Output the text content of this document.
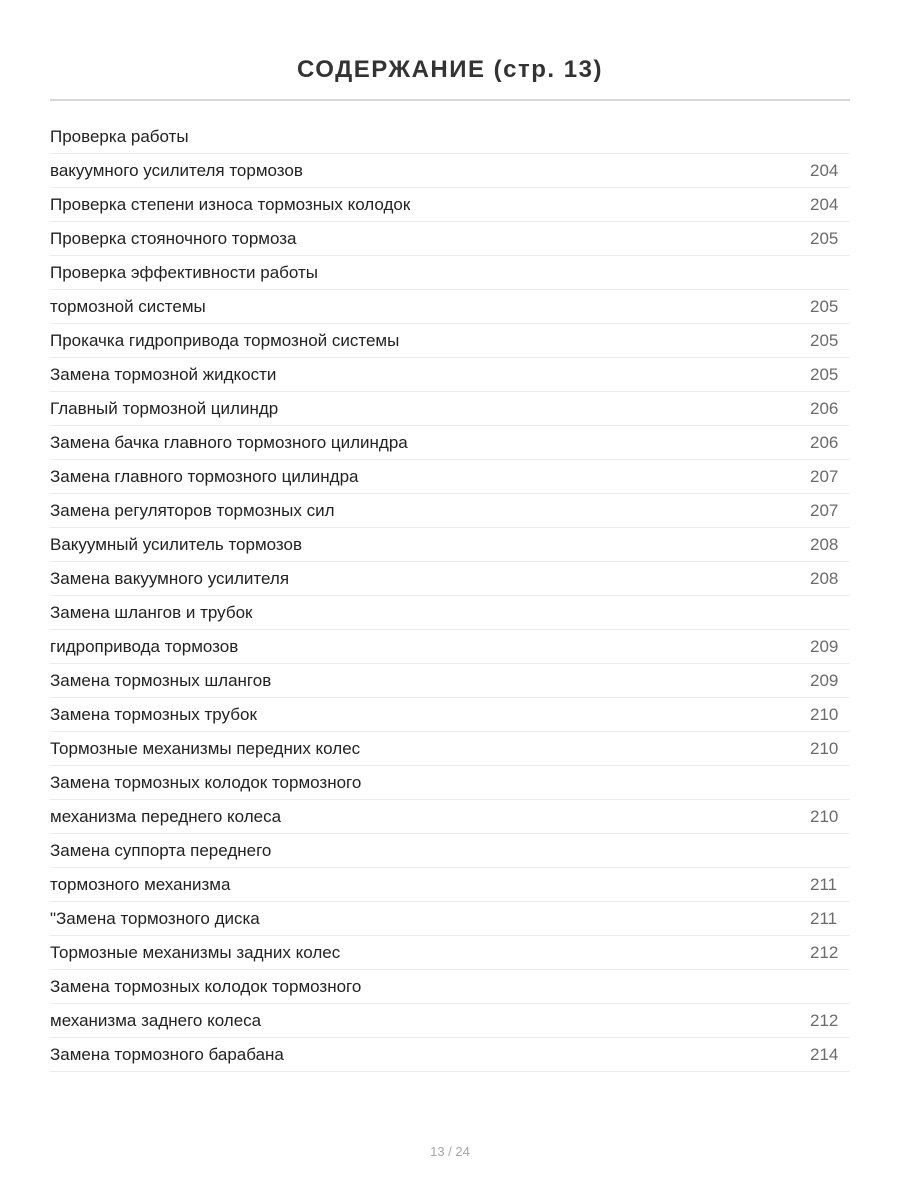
СОДЕРЖАНИЕ (стр. 13)
Проверка работы
вакуумного усилителя тормозов	204
Проверка степени износа тормозных колодок	204
Проверка стояночного тормоза	205
Проверка эффективности работы
тормозной системы	205
Прокачка гидропривода тормозной системы	205
Замена тормозной жидкости	205
Главный тормозной цилиндр	206
Замена бачка главного тормозного цилиндра	206
Замена главного тормозного цилиндра	207
Замена регуляторов тормозных сил	207
Вакуумный усилитель тормозов	208
Замена вакуумного усилителя	208
Замена шлангов и трубок
гидропривода тормозов	209
Замена тормозных шлангов	209
Замена тормозных трубок	210
Тормозные механизмы передних колес	210
Замена тормозных колодок тормозного
механизма переднего колеса	210
Замена суппорта переднего
тормозного механизма	211
"Замена тормозного диска	211
Тормозные механизмы задних колес	212
Замена тормозных колодок тормозного
механизма заднего колеса	212
Замена тормозного барабана	214
13 / 24
